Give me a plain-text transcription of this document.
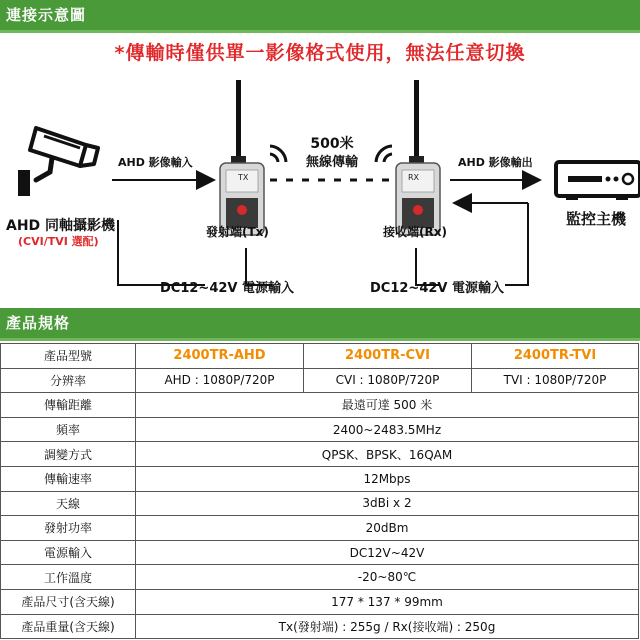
連接示意圖
*傳輸時僅供單一影像格式使用，無法任意切換
TX	RX
AHD 同軸攝影機
(CVI/TVI 選配)
AHD 影像輸入	AHD 影像輸出
500米
無線傳輸
發射端(Tx)	接收端(Rx)
監控主機
DC12~42V 電源輸入	DC12~42V 電源輸入
產品規格
產品型號	2400TR-AHD	2400TR-CVI	2400TR-TVI
分辨率	AHD : 1080P/720P	CVI : 1080P/720P	TVI : 1080P/720P
傳輸距離	最遠可達 500 米		
頻率	2400~2483.5MHz		
調變方式	QPSK、BPSK、16QAM		
傳輸速率	12Mbps		
天線	3dBi x 2		
發射功率	20dBm		
電源輸入	DC12V~42V		
工作溫度	-20~80℃		
產品尺寸(含天線)	177 * 137 * 99mm		
產品重量(含天線)	Tx(發射端) : 255g / Rx(接收端) : 250g		
